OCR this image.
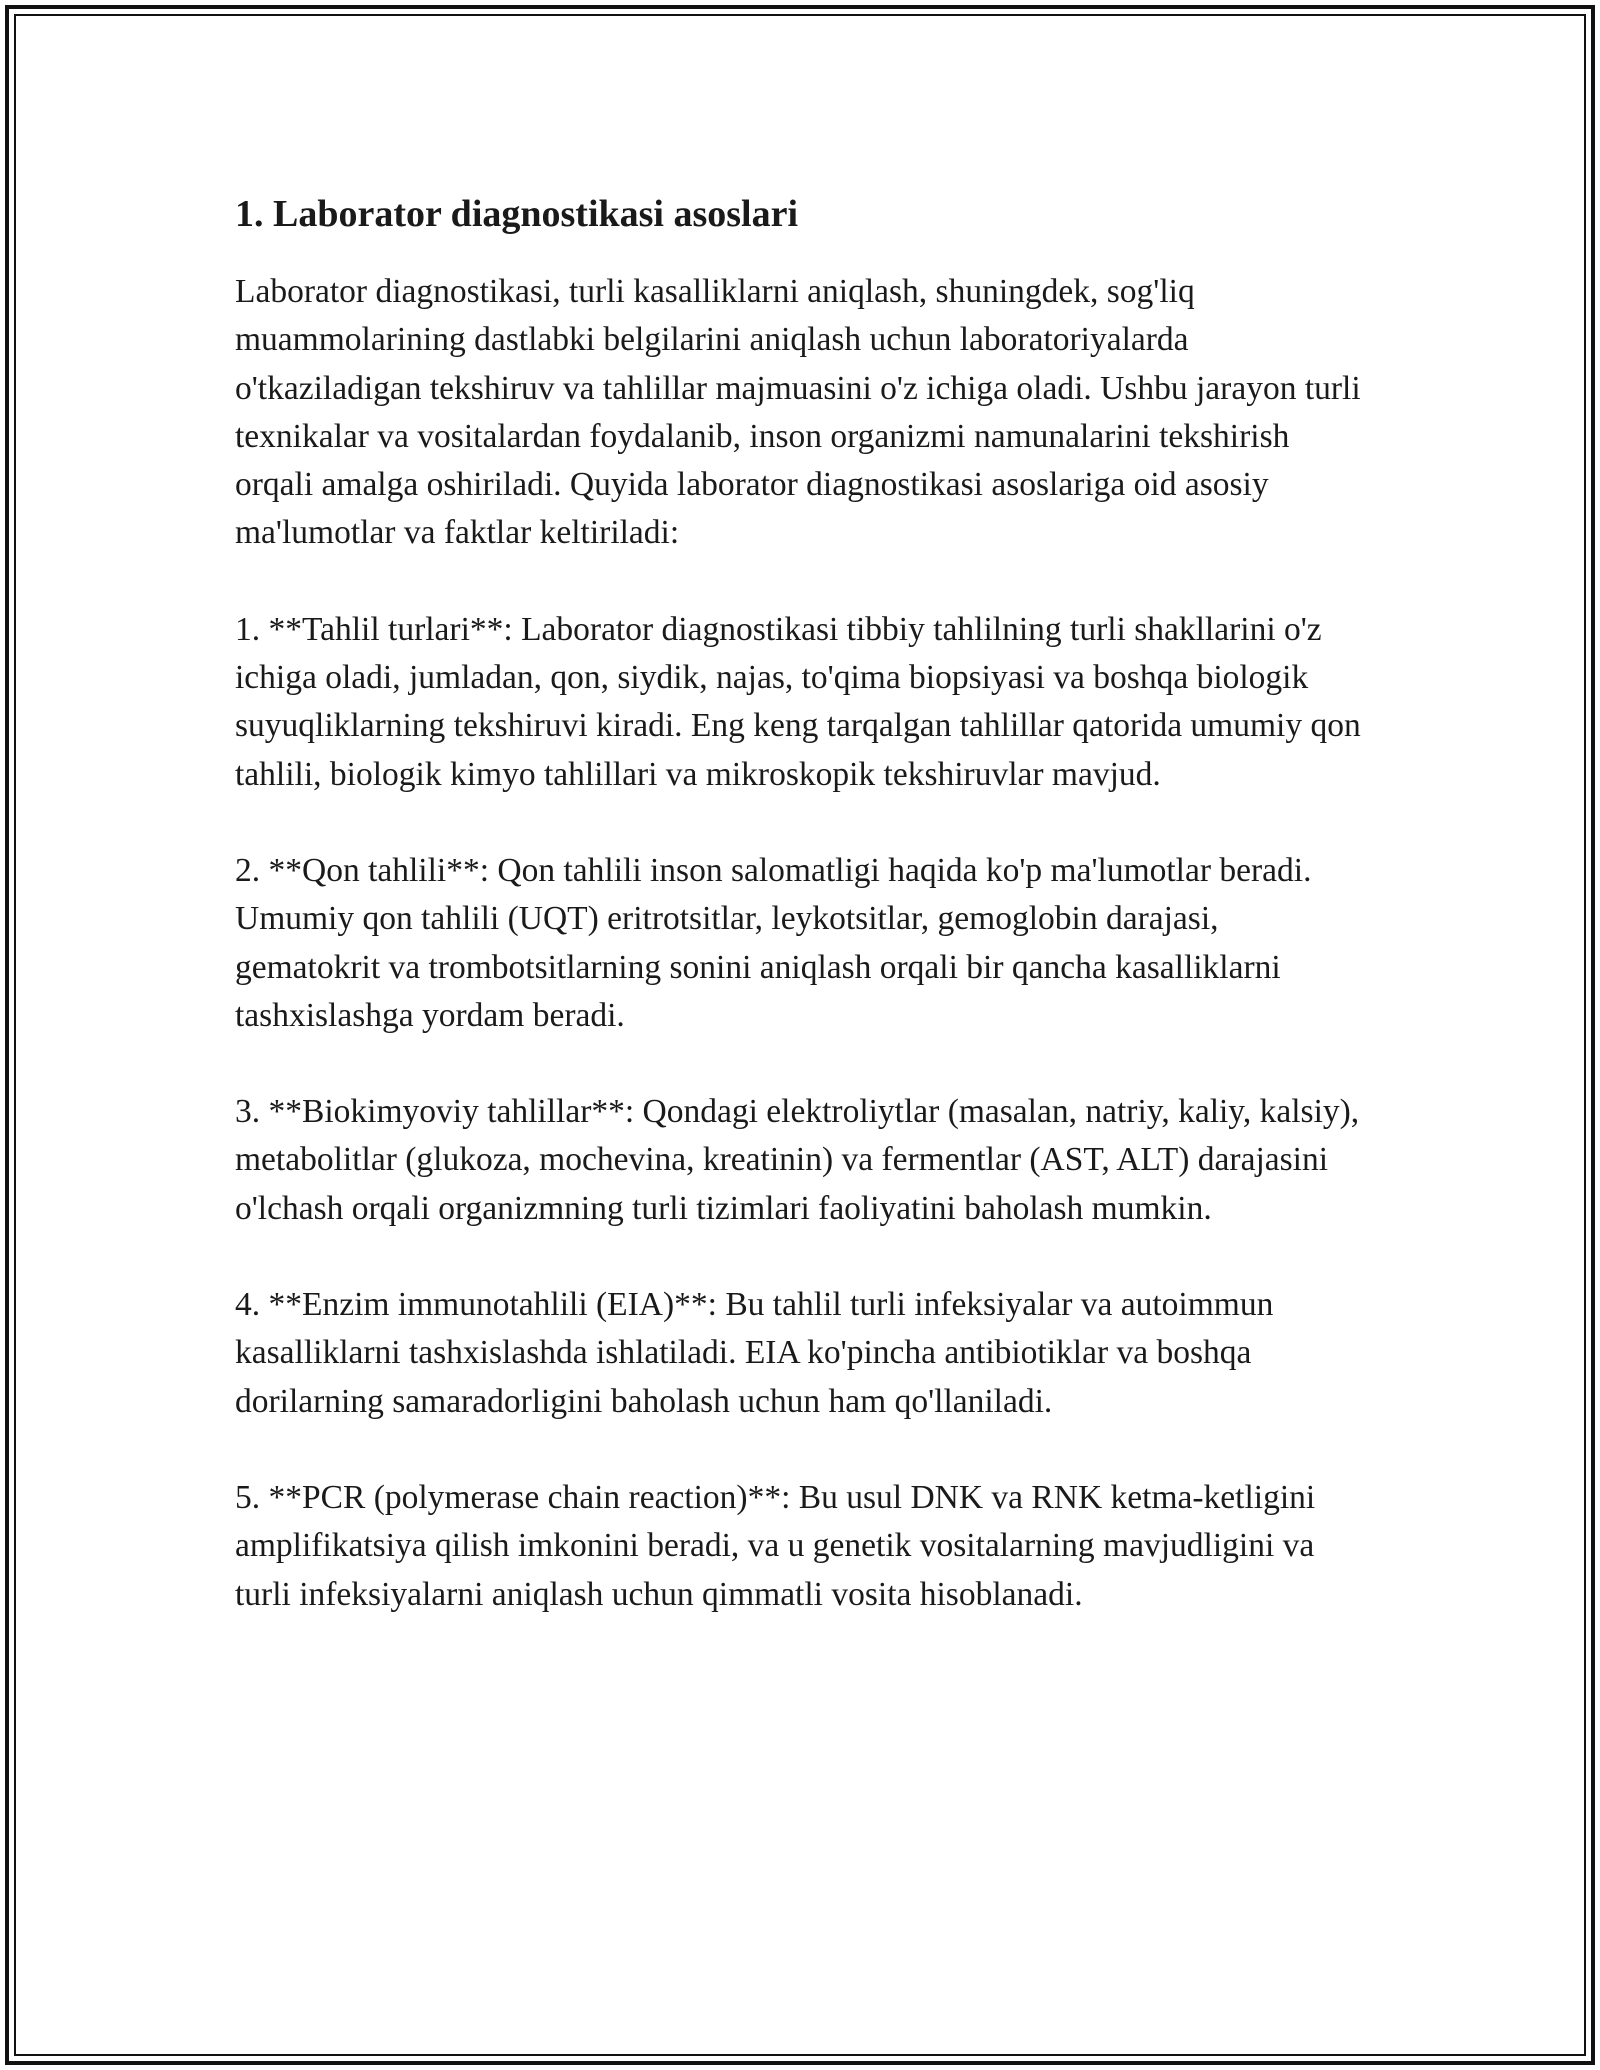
1. Laborator diagnostikasi asoslari

Laborator diagnostikasi, turli kasalliklarni aniqlash, shuningdek, sog'liq muammolarining dastlabki belgilarini aniqlash uchun laboratoriyalarda o'tkaziladigan tekshiruv va tahlillar majmuasini o'z ichiga oladi. Ushbu jarayon turli texnikalar va vositalardan foydalanib, inson organizmi namunalarini tekshirish orqali amalga oshiriladi. Quyida laborator diagnostikasi asoslariga oid asosiy ma'lumotlar va faktlar keltiriladi:

1. **Tahlil turlari**: Laborator diagnostikasi tibbiy tahlilning turli shakllarini o'z ichiga oladi, jumladan, qon, siydik, najas, to'qima biopsiyasi va boshqa biologik suyuqliklarning tekshiruvi kiradi. Eng keng tarqalgan tahlillar qatorida umumiy qon tahlili, biologik kimyo tahlillari va mikroskopik tekshiruvlar mavjud.

2. **Qon tahlili**: Qon tahlili inson salomatligi haqida ko'p ma'lumotlar beradi. Umumiy qon tahlili (UQT) eritrotsitlar, leykotsitlar, gemoglobin darajasi, gematokrit va trombotsitlarning sonini aniqlash orqali bir qancha kasalliklarni tashxislashga yordam beradi.

3. **Biokimyoviy tahlillar**: Qondagi elektroliytlar (masalan, natriy, kaliy, kalsiy), metabolitlar (glukoza, mochevina, kreatinin) va fermentlar (AST, ALT) darajasini o'lchash orqali organizmning turli tizimlari faoliyatini baholash mumkin.

4. **Enzim immunotahlili (EIA)**: Bu tahlil turli infeksiyalar va autoimmun kasalliklarni tashxislashda ishlatiladi. EIA ko'pincha antibiotiklar va boshqa dorilarning samaradorligini baholash uchun ham qo'llaniladi.

5. **PCR (polymerase chain reaction)**: Bu usul DNK va RNK ketma-ketligini amplifikatsiya qilish imkonini beradi, va u genetik vositalarning mavjudligini va turli infeksiyalarni aniqlash uchun qimmatli vosita hisoblanadi.
